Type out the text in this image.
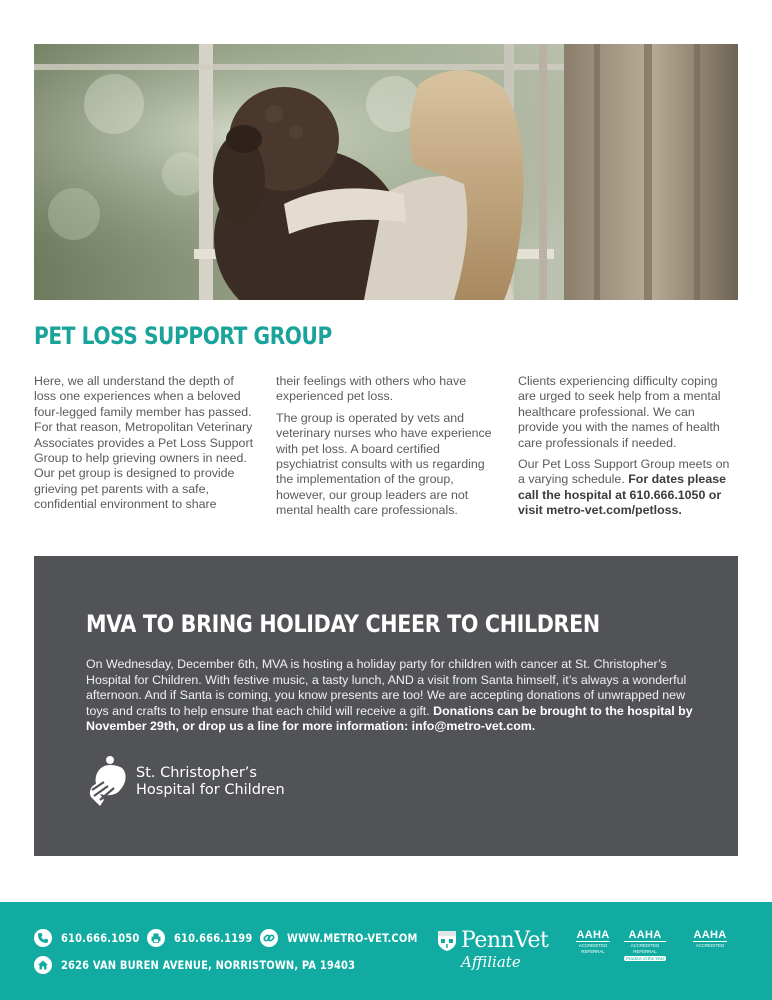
PET LOSS SUPPORT GROUP

Here, we all understand the depth of loss one experiences when a beloved four-legged family member has passed. For that reason, Metropolitan Veterinary Associates provides a Pet Loss Support Group to help grieving owners in need. Our pet group is designed to provide grieving pet parents with a safe, confidential environment to share

their feelings with others who have experienced pet loss.

The group is operated by vets and veterinary nurses who have experience with pet loss. A board certified psychiatrist consults with us regarding the implementation of the group, however, our group leaders are not mental health care professionals.

Clients experiencing difficulty coping are urged to seek help from a mental healthcare professional. We can provide you with the names of health care professionals if needed.

Our Pet Loss Support Group meets on a varying schedule. For dates please call the hospital at 610.666.1050 or visit metro-vet.com/petloss.

MVA TO BRING HOLIDAY CHEER TO CHILDREN
On Wednesday, December 6th, MVA is hosting a holiday party for children with cancer at St. Christopher’s Hospital for Children. With festive music, a tasty lunch, AND a visit from Santa himself, it’s always a wonderful afternoon. And if Santa is coming, you know presents are too! We are accepting donations of unwrapped new toys and crafts to help ensure that each child will receive a gift. Donations can be brought to the hospital by November 29th, or drop us a line for more information: info@metro-vet.com.
St. Christopher’s
Hospital for Children
610.666.1050	610.666.1199	WWW.METRO-VET.COM
2626 VAN BUREN AVENUE, NORRISTOWN, PA 19403
PennVet
Affiliate
AAHA
ACCREDITED
REFERRAL
AAHA
ACCREDITED
REFERRAL
Practice of the Year
AAHA
ACCREDITED
